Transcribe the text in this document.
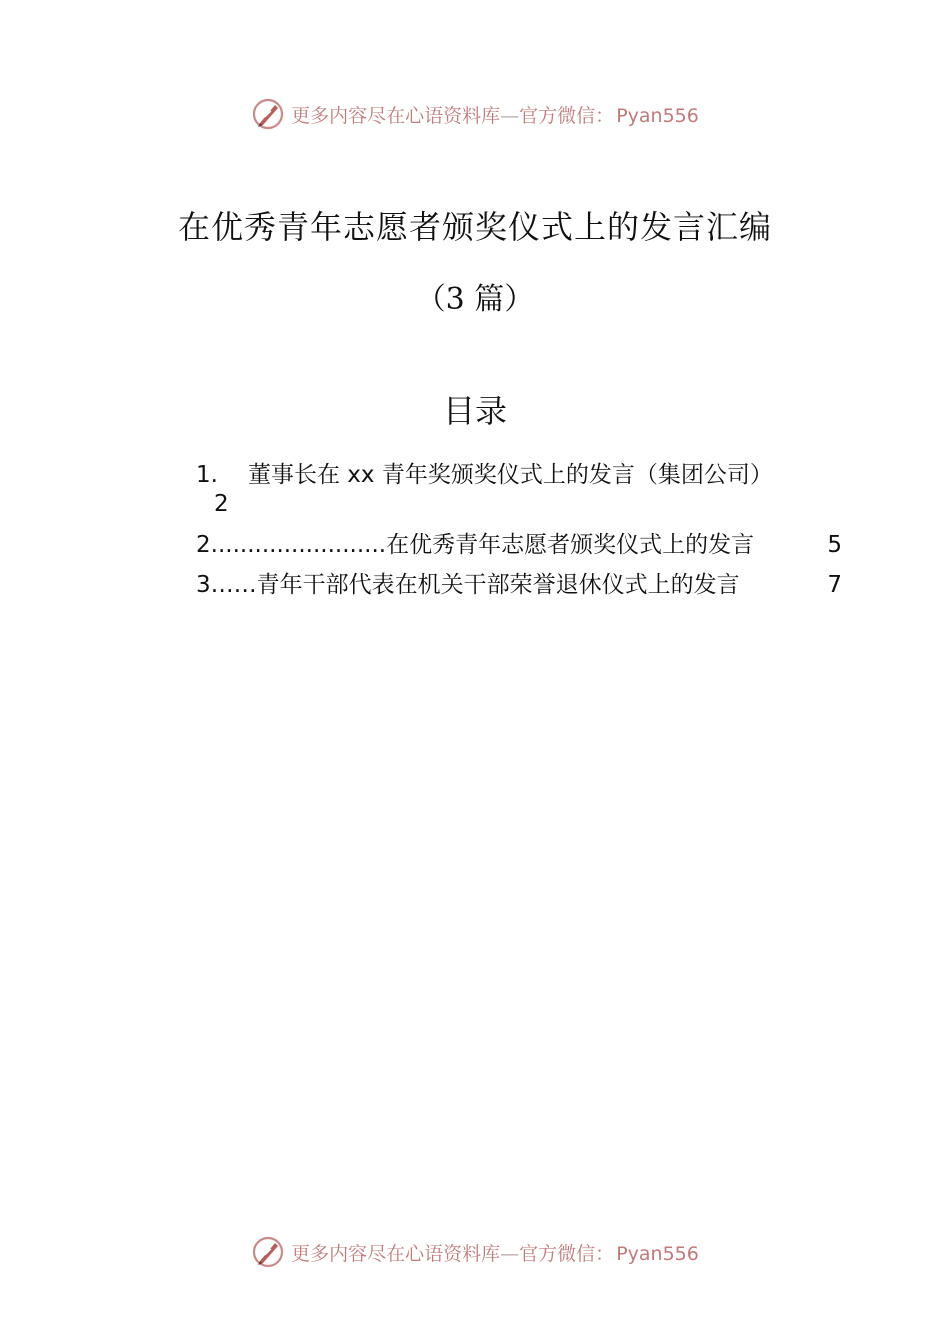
更多内容尽在心语资料库—官方微信： Pyan556
在优秀青年志愿者颁奖仪式上的发言汇编
（3 篇）
目录
1. 董事长在 xx 青年奖颁奖仪式上的发言（集团公司）
2
2 ........................ 在优秀青年志愿者颁奖仪式上的发言	5
3 …… 青年干部代表在机关干部荣誉退休仪式上的发言	7
更多内容尽在心语资料库—官方微信： Pyan556
